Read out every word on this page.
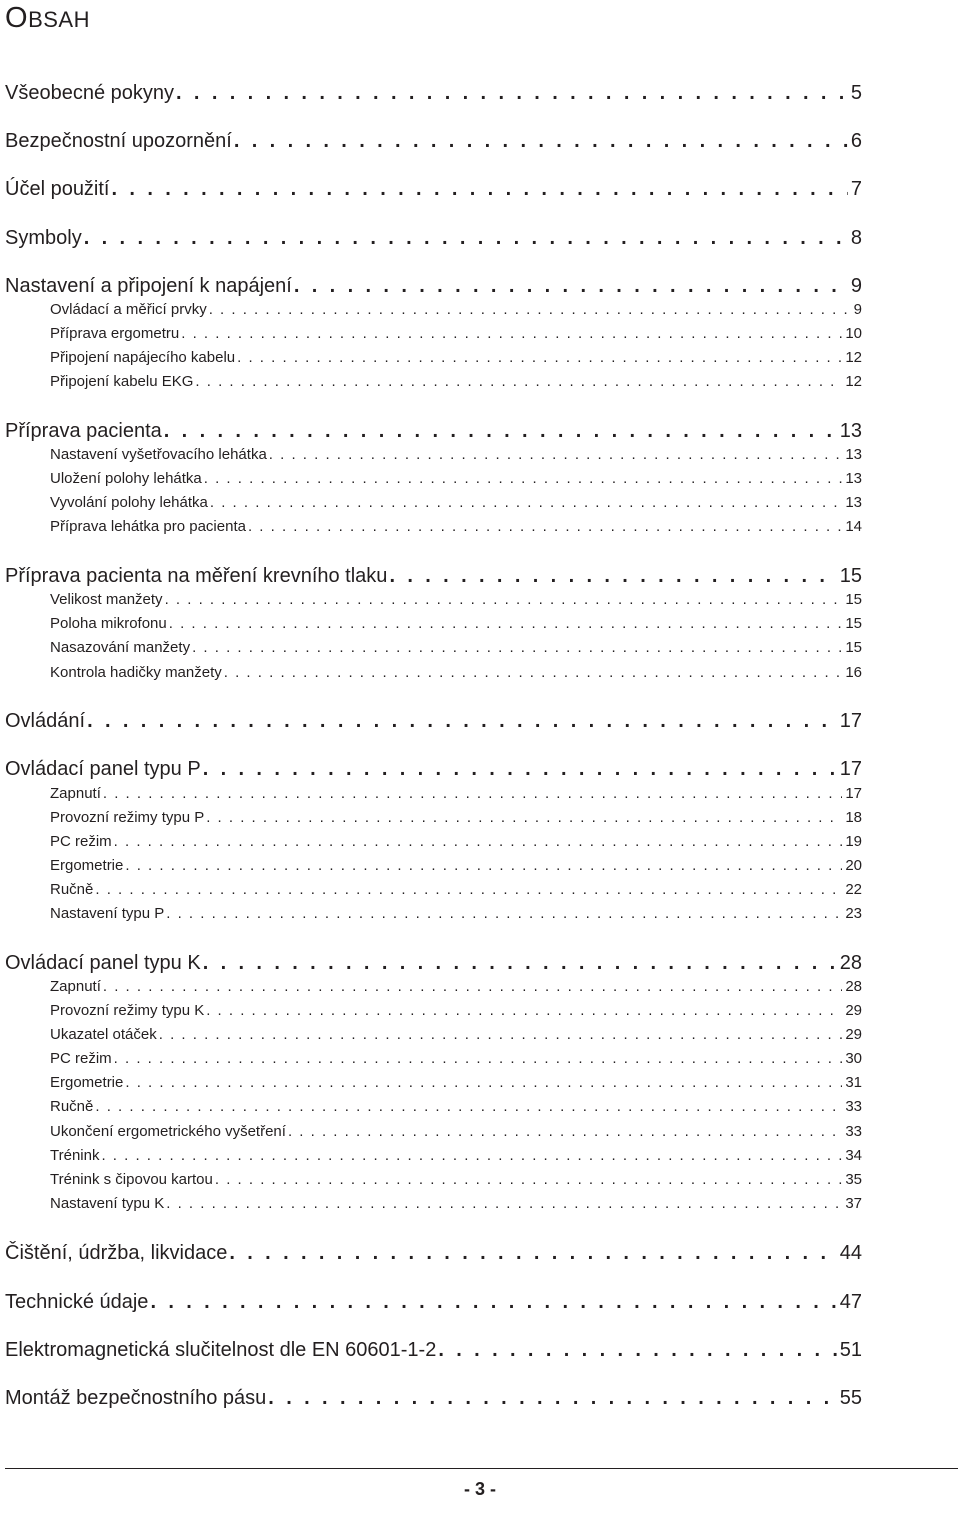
OBSAH
Všeobecné pokyny . . .	5
Bezpečnostní upozornění . . .	6
Účel použití . . .	7
Symboly . . .	8
Nastavení a připojení k napájení . . .	9
Ovládací a měřicí prvky . . .	9
Příprava ergometru . . .	10
Připojení napájecího kabelu . . .	12
Připojení kabelu EKG . . .	12
Příprava pacienta . . .	13
Nastavení vyšetřovacího lehátka . . .	13
Uložení polohy lehátka . . .	13
Vyvolání polohy lehátka . . .	13
Příprava lehátka pro pacienta . . .	14
Příprava pacienta na měření krevního tlaku . . .	15
Velikost manžety . . .	15
Poloha mikrofonu . . .	15
Nasazování manžety . . .	15
Kontrola hadičky manžety . . .	16
Ovládání . . .	17
Ovládací panel typu P . . .	17
Zapnutí . . .	17
Provozní režimy typu P . . .	18
PC režim . . .	19
Ergometrie . . .	20
Ručně . . .	22
Nastavení typu P . . .	23
Ovládací panel typu K . . .	28
Zapnutí . . .	28
Provozní režimy typu K . . .	29
Ukazatel otáček . . .	29
PC režim . . .	30
Ergometrie . . .	31
Ručně . . .	33
Ukončení ergometrického vyšetření . . .	33
Trénink . . .	34
Trénink s čipovou kartou . . .	35
Nastavení typu K . . .	37
Čištění, údržba, likvidace . . .	44
Technické údaje . . .	47
Elektromagnetická slučitelnost dle EN 60601-1-2 . . .	51
Montáž bezpečnostního pásu . . .	55
- 3 -
